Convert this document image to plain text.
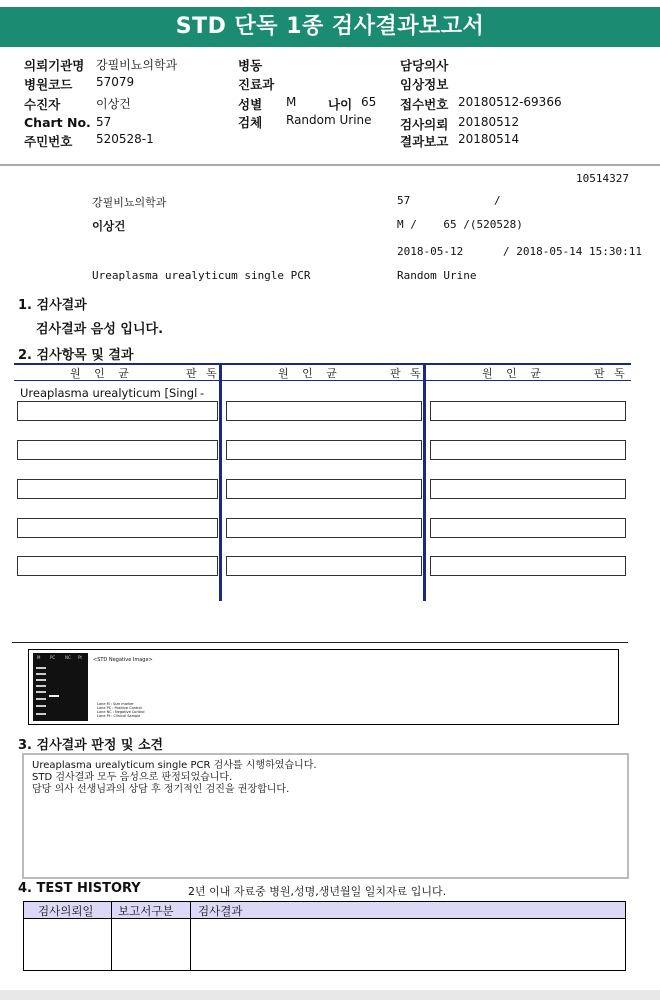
STD 단독 1종 검사결과보고서
의뢰기관명 강필비뇨의학과
병원코드 57079
수진자	이상건
Chart No. 57
주민번호 520528-1
병동
진료과
성별 M	나이 65
검체 Random Urine
담당의사
임상정보
접수번호 20180512-69366
검사의뢰 20180512
결과보고 20180514
10514327
강필비뇨의학과	57	/
이상건	M /    65 /(520528)
2018-05-12      / 2018-05-14 15:30:11
Ureaplasma urealyticum single PCR	Random Urine
1. 검사결과
검사결과 음성 입니다.
2. 검사항목 및 결과
원 인 균	판 독	원 인 균	판 독	원 인 균	판 독
Ureaplasma urealyticum [Singl -
M PC NC Pt <STD Negative Image>
Lane M : Size marker
Lane PC : Positive Control
Lane NC : Negative Control
Lane Pt : Clinical Sample
3. 검사결과 판정 및 소견
Ureaplasma urealyticum single PCR 검사를 시행하였습니다.
STD 검사결과 모두 음성으로 판정되었습니다.
담당 의사 선생님과의 상담 후 정기적인 검진을 권장합니다.
4. TEST HISTORY	2년 이내 자료중 병원,성명,생년월일 일치자료 입니다.
검사의뢰일 보고서구분 검사결과
